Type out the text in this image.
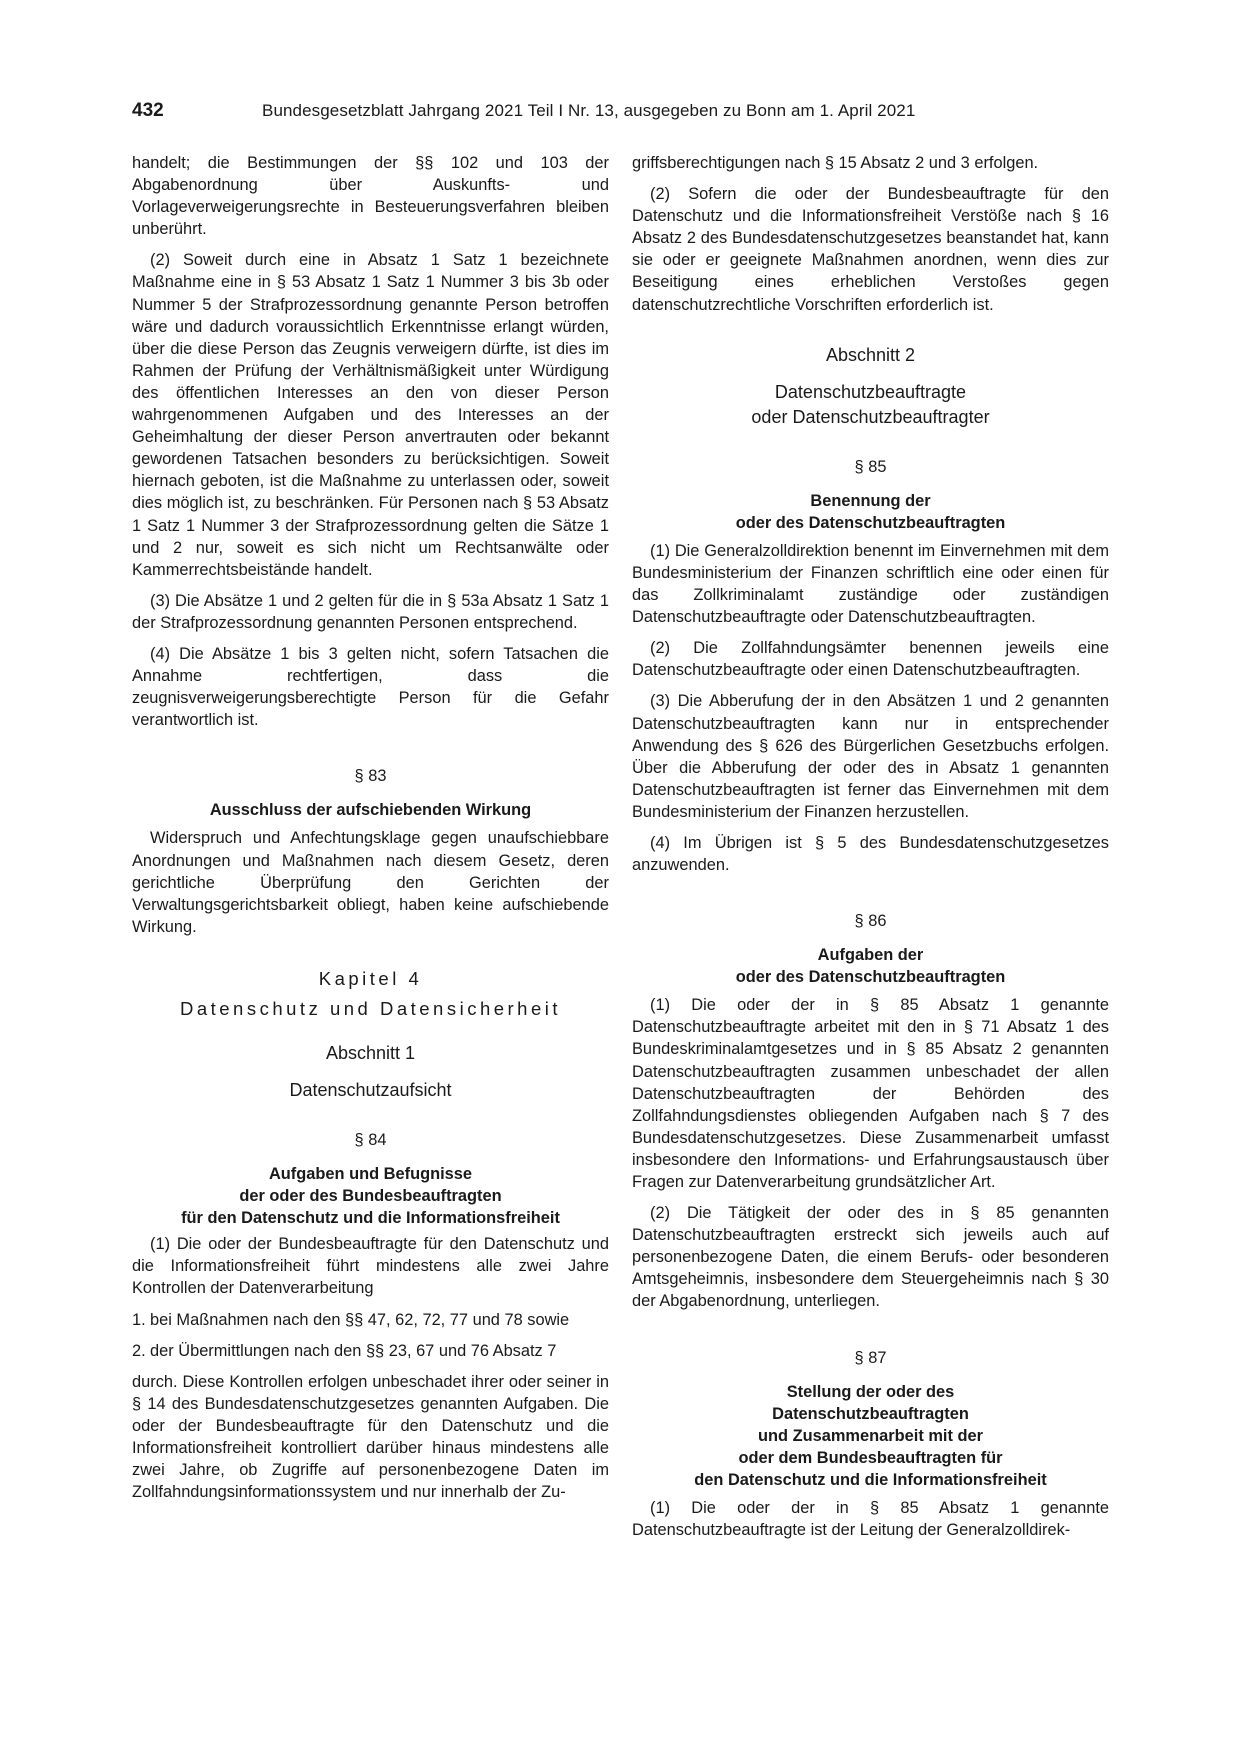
432	Bundesgesetzblatt Jahrgang 2021 Teil I Nr. 13, ausgegeben zu Bonn am 1. April 2021

handelt; die Bestimmungen der §§ 102 und 103 der Abgabenordnung über Auskunfts- und Vorlageverweigerungsrechte in Besteuerungsverfahren bleiben unberührt.

(2) Soweit durch eine in Absatz 1 Satz 1 bezeichnete Maßnahme eine in § 53 Absatz 1 Satz 1 Nummer 3 bis 3b oder Nummer 5 der Strafprozessordnung genannte Person betroffen wäre und dadurch voraussichtlich Erkenntnisse erlangt würden, über die diese Person das Zeugnis verweigern dürfte, ist dies im Rahmen der Prüfung der Verhältnismäßigkeit unter Würdigung des öffentlichen Interesses an den von dieser Person wahrgenommenen Aufgaben und des Interesses an der Geheimhaltung der dieser Person anvertrauten oder bekannt gewordenen Tatsachen besonders zu berücksichtigen. Soweit hiernach geboten, ist die Maßnahme zu unterlassen oder, soweit dies möglich ist, zu beschränken. Für Personen nach § 53 Absatz 1 Satz 1 Nummer 3 der Strafprozessordnung gelten die Sätze 1 und 2 nur, soweit es sich nicht um Rechtsanwälte oder Kammerrechtsbeistände handelt.

(3) Die Absätze 1 und 2 gelten für die in § 53a Absatz 1 Satz 1 der Strafprozessordnung genannten Personen entsprechend.

(4) Die Absätze 1 bis 3 gelten nicht, sofern Tatsachen die Annahme rechtfertigen, dass die zeugnisverweigerungsberechtigte Person für die Gefahr verantwortlich ist.

§ 83
Ausschluss der aufschiebenden Wirkung

Widerspruch und Anfechtungsklage gegen unaufschiebbare Anordnungen und Maßnahmen nach diesem Gesetz, deren gerichtliche Überprüfung den Gerichten der Verwaltungsgerichtsbarkeit obliegt, haben keine aufschiebende Wirkung.

Kapitel 4
Datenschutz und Datensicherheit
Abschnitt 1
Datenschutzaufsicht
§ 84
Aufgaben und Befugnisse
der oder des Bundesbeauftragten
für den Datenschutz und die Informationsfreiheit

(1) Die oder der Bundesbeauftragte für den Datenschutz und die Informationsfreiheit führt mindestens alle zwei Jahre Kontrollen der Datenverarbeitung

1. bei Maßnahmen nach den §§ 47, 62, 72, 77 und 78 sowie
2. der Übermittlungen nach den §§ 23, 67 und 76 Absatz 7

durch. Diese Kontrollen erfolgen unbeschadet ihrer oder seiner in § 14 des Bundesdatenschutzgesetzes genannten Aufgaben. Die oder der Bundesbeauftragte für den Datenschutz und die Informationsfreiheit kontrolliert darüber hinaus mindestens alle zwei Jahre, ob Zugriffe auf personenbezogene Daten im Zollfahndungsinformationssystem und nur innerhalb der Zu-

griffsberechtigungen nach § 15 Absatz 2 und 3 erfolgen.

(2) Sofern die oder der Bundesbeauftragte für den Datenschutz und die Informationsfreiheit Verstöße nach § 16 Absatz 2 des Bundesdatenschutzgesetzes beanstandet hat, kann sie oder er geeignete Maßnahmen anordnen, wenn dies zur Beseitigung eines erheblichen Verstoßes gegen datenschutzrechtliche Vorschriften erforderlich ist.

Abschnitt 2
Datenschutzbeauftragte
oder Datenschutzbeauftragter
§ 85
Benennung der
oder des Datenschutzbeauftragten

(1) Die Generalzolldirektion benennt im Einvernehmen mit dem Bundesministerium der Finanzen schriftlich eine oder einen für das Zollkriminalamt zuständige oder zuständigen Datenschutzbeauftragte oder Datenschutzbeauftragten.

(2) Die Zollfahndungsämter benennen jeweils eine Datenschutzbeauftragte oder einen Datenschutzbeauftragten.

(3) Die Abberufung der in den Absätzen 1 und 2 genannten Datenschutzbeauftragten kann nur in entsprechender Anwendung des § 626 des Bürgerlichen Gesetzbuchs erfolgen. Über die Abberufung der oder des in Absatz 1 genannten Datenschutzbeauftragten ist ferner das Einvernehmen mit dem Bundesministerium der Finanzen herzustellen.

(4) Im Übrigen ist § 5 des Bundesdatenschutzgesetzes anzuwenden.

§ 86
Aufgaben der
oder des Datenschutzbeauftragten

(1) Die oder der in § 85 Absatz 1 genannte Datenschutzbeauftragte arbeitet mit den in § 71 Absatz 1 des Bundeskriminalamtgesetzes und in § 85 Absatz 2 genannten Datenschutzbeauftragten zusammen unbeschadet der allen Datenschutzbeauftragten der Behörden des Zollfahndungsdienstes obliegenden Aufgaben nach § 7 des Bundesdatenschutzgesetzes. Diese Zusammenarbeit umfasst insbesondere den Informations- und Erfahrungsaustausch über Fragen zur Datenverarbeitung grundsätzlicher Art.

(2) Die Tätigkeit der oder des in § 85 genannten Datenschutzbeauftragten erstreckt sich jeweils auch auf personenbezogene Daten, die einem Berufs- oder besonderen Amtsgeheimnis, insbesondere dem Steuergeheimnis nach § 30 der Abgabenordnung, unterliegen.

§ 87
Stellung der oder des
Datenschutzbeauftragten
und Zusammenarbeit mit der
oder dem Bundesbeauftragten für
den Datenschutz und die Informationsfreiheit

(1) Die oder der in § 85 Absatz 1 genannte Datenschutzbeauftragte ist der Leitung der Generalzolldirek-
